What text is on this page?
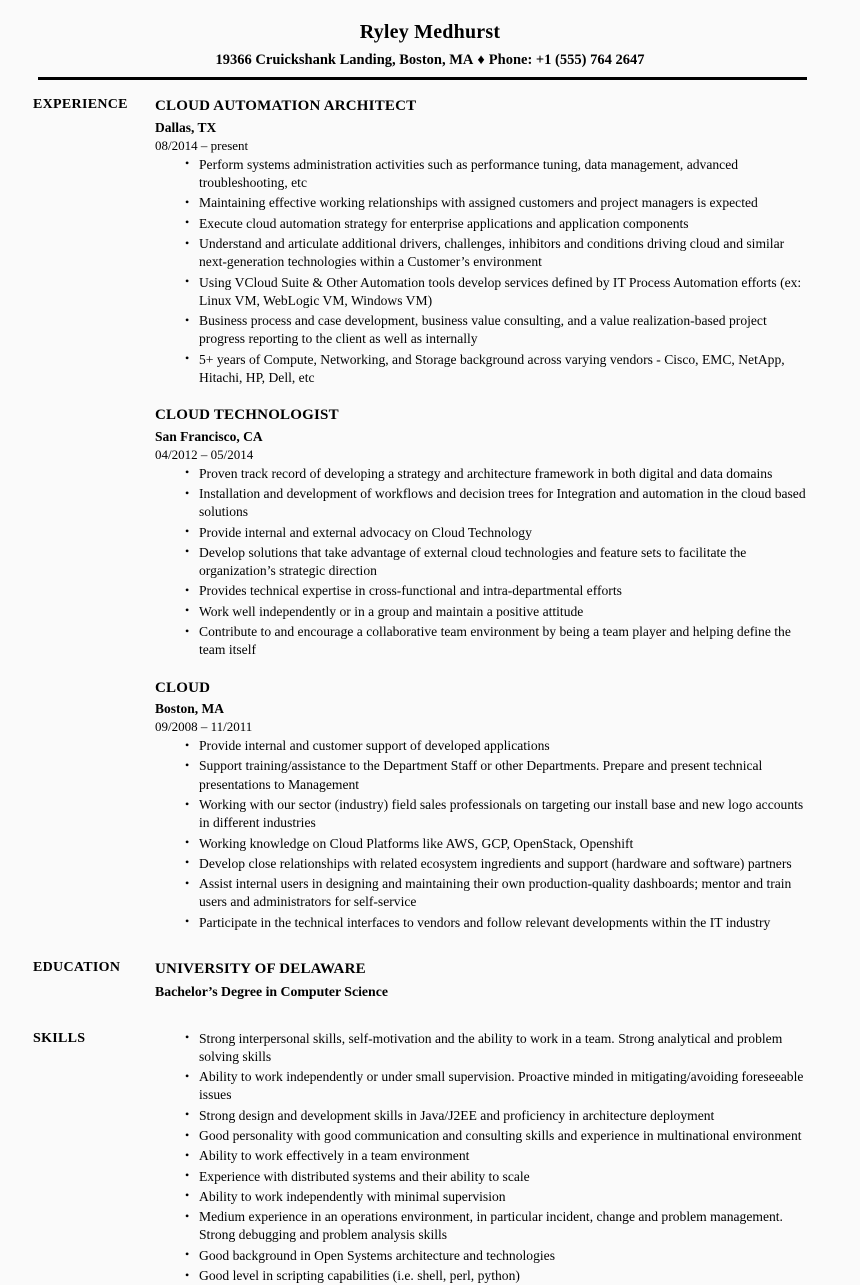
Ryley Medhurst
19366 Cruickshank Landing, Boston, MA ♦ Phone: +1 (555) 764 2647
EXPERIENCE	CLOUD AUTOMATION ARCHITECT
Dallas, TX
08/2014 – present
• Perform systems administration activities such as performance tuning, data management, advanced troubleshooting, etc
• Maintaining effective working relationships with assigned customers and project managers is expected
• Execute cloud automation strategy for enterprise applications and application components
• Understand and articulate additional drivers, challenges, inhibitors and conditions driving cloud and similar next-generation technologies within a Customer’s environment
• Using VCloud Suite & Other Automation tools develop services defined by IT Process Automation efforts (ex: Linux VM, WebLogic VM, Windows VM)
• Business process and case development, business value consulting, and a value realization-based project progress reporting to the client as well as internally
• 5+ years of Compute, Networking, and Storage background across varying vendors - Cisco, EMC, NetApp, Hitachi, HP, Dell, etc
CLOUD TECHNOLOGIST
San Francisco, CA
04/2012 – 05/2014
• Proven track record of developing a strategy and architecture framework in both digital and data domains
• Installation and development of workflows and decision trees for Integration and automation in the cloud based solutions
• Provide internal and external advocacy on Cloud Technology
• Develop solutions that take advantage of external cloud technologies and feature sets to facilitate the organization’s strategic direction
• Provides technical expertise in cross-functional and intra-departmental efforts
• Work well independently or in a group and maintain a positive attitude
• Contribute to and encourage a collaborative team environment by being a team player and helping define the team itself
CLOUD
Boston, MA
09/2008 – 11/2011
• Provide internal and customer support of developed applications
• Support training/assistance to the Department Staff or other Departments. Prepare and present technical presentations to Management
• Working with our sector (industry) field sales professionals on targeting our install base and new logo accounts in different industries
• Working knowledge on Cloud Platforms like AWS, GCP, OpenStack, Openshift
• Develop close relationships with related ecosystem ingredients and support (hardware and software) partners
• Assist internal users in designing and maintaining their own production-quality dashboards; mentor and train users and administrators for self-service
• Participate in the technical interfaces to vendors and follow relevant developments within the IT industry
EDUCATION	UNIVERSITY OF DELAWARE
Bachelor’s Degree in Computer Science
SKILLS	• Strong interpersonal skills, self-motivation and the ability to work in a team. Strong analytical and problem solving skills
• Ability to work independently or under small supervision. Proactive minded in mitigating/avoiding foreseeable issues
• Strong design and development skills in Java/J2EE and proficiency in architecture deployment
• Good personality with good communication and consulting skills and experience in multinational environment
• Ability to work effectively in a team environment
• Experience with distributed systems and their ability to scale
• Ability to work independently with minimal supervision
• Medium experience in an operations environment, in particular incident, change and problem management. Strong debugging and problem analysis skills
• Good background in Open Systems architecture and technologies
• Good level in scripting capabilities (i.e. shell, perl, python)
